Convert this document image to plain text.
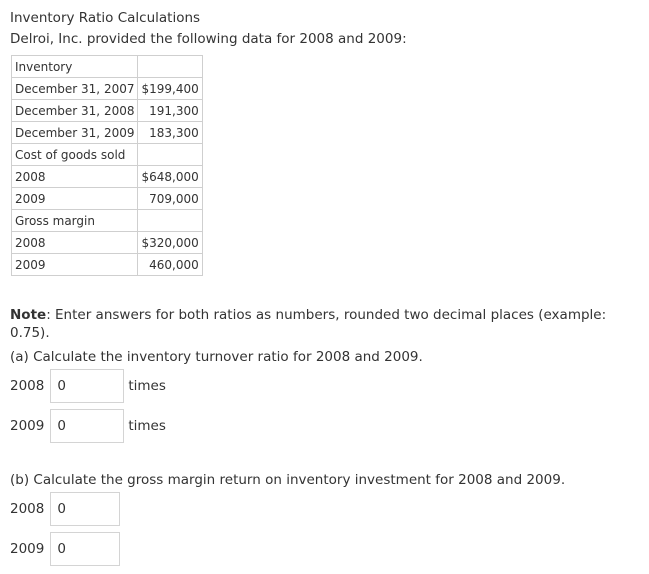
Inventory Ratio Calculations
Delroi, Inc. provided the following data for 2008 and 2009:
Inventory	
December 31, 2007	$199,400
December 31, 2008	191,300
December 31, 2009	183,300
Cost of goods sold	
2008	$648,000
2009	709,000
Gross margin	
2008	$320,000
2009	460,000
Note: Enter answers for both ratios as numbers, rounded two decimal places (example: 0.75).
(a) Calculate the inventory turnover ratio for 2008 and 2009.
2008 0	times
2009 0	times
(b) Calculate the gross margin return on inventory investment for 2008 and 2009.
2008 0
2009 0
